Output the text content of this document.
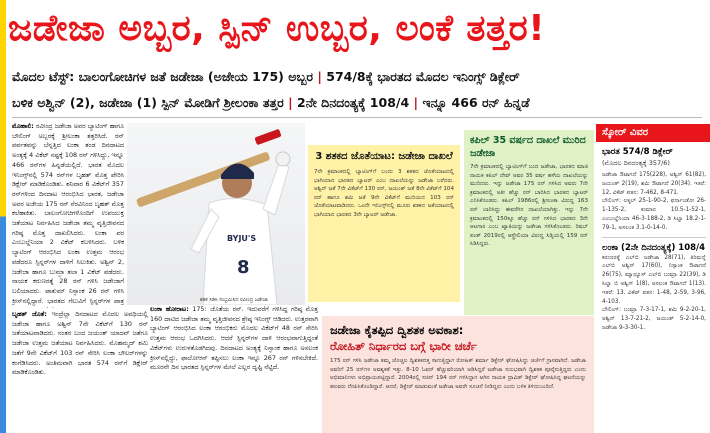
ಜಡೇಜಾ ಅಬ್ಬರ, ಸ್ಪಿನ್ ಉಬ್ಬರ, ಲಂಕೆ ತತ್ತರ!
ಮೊದಲ ಟೆಸ್ಟ್: ಬಾಲಂಗೋಚಿಗಳ ಜತೆ ಜಡೇಜಾ (ಅಜೇಯ 175) ಅಬ್ಬರ | 574/8ಕ್ಕೆ ಭಾರತದ ಮೊದಲ ಇನಿಂಗ್ಸ್ ಡಿಕ್ಲೇರ್
ಬಳಿಕ ಅಶ್ವಿನ್ (2), ಜಡೇಜಾ (1) ಸ್ಪಿನ್ ಮೋಡಿಗೆ ಶ್ರೀಲಂಕಾ ತತ್ತರ | 2ನೇ ದಿನದಂತ್ಯಕ್ಕೆ 108/4 | ಇನ್ನೂ 466 ರನ್ ಹಿನ್ನಡೆ
ಮೊಹಾಲಿ: ರವೀಂದ್ರ ಜಡೇಜಾ ಅವರ ಬ್ಯಾಟಿಂಗ್ ಹಾಗೂ ಬೌಲಿಂಗ್ ಅಬ್ಬರಕ್ಕೆ ಶ್ರೀಲಂಕಾ ತತ್ತರಿಸಿದೆ. ರನ್ ಪರ್ವತವನ್ನು ಬೆನ್ನತ್ತಿದ ಲಂಕಾ ತಂಡ ದಿನದಾಟದ ಅಂತ್ಯಕ್ಕೆ 4 ವಿಕೆಟ್ ನಷ್ಟಕ್ಕೆ 108 ರನ್ ಗಳಿಸಿದ್ದು, ಇನ್ನೂ 466 ರನ್‌ಗಳ ಹಿನ್ನಡೆಯಲ್ಲಿದೆ. ಭಾರತ ಮೊದಲ ಇನಿಂಗ್ಸ್‌ನಲ್ಲಿ 574 ರನ್‌ಗಳ ಬೃಹತ್ ಮೊತ್ತ ಪೇರಿಸಿ ಡಿಕ್ಲೇರ್ ಮಾಡಿಕೊಂಡಿತು. ಶನಿವಾರ 6 ವಿಕೆಟ್‌ಗೆ 357 ರನ್‌ಗಳಿಂದ ದಿನದಾಟ ಆರಂಭಿಸಿದ ಭಾರತ, ಜಡೇಜಾ ಅವರ ಅಜೇಯ 175 ರನ್ ನೆರವಿನಿಂದ ಬೃಹತ್ ಮೊತ್ತ ಕಲೆಹಾಕಿತು. ಬಾಲಂಗೋಚಿಗಳೊಂದಿಗೆ ಉಪಯುಕ್ತ ಜತೆಯಾಟ ನಿರ್ವಹಿಸಿದ ಜಡೇಜಾ ತಮ್ಮ ವೃತ್ತಿಜೀವನದ ಗರಿಷ್ಠ ಮೊತ್ತ ದಾಖಲಿಸಿದರು. ಲಂಕಾ ಪರ ಎಂಬುಲ್ದೆನಿಯಾ 2 ವಿಕೆಟ್ ಕಬಳಿಸಿದರು. ಬಳಿಕ ಬ್ಯಾಟಿಂಗ್ ಆರಂಭಿಸಿದ ಲಂಕಾ ಉತ್ತಮ ಆರಂಭ ಪಡೆದರೂ ಸ್ಪಿನ್ನರ್‌ಗಳ ದಾಳಿಗೆ ಸಿಲುಕಿತು. ಅಶ್ವಿನ್ 2, ಜಡೇಜಾ ಹಾಗೂ ಬುಮ್ರಾ ತಲಾ 1 ವಿಕೆಟ್ ಪಡೆದರು. ನಾಯಕ ಕರುಣರತ್ನೆ 28 ರನ್ ಗಳಿಸಿ ಜಡೇಜಾಗೆ ಬಲಿಯಾದರು. ಪಾತುಮ್ ನಿಸ್ಸಾಂಕ 26 ರನ್ ಗಳಿಸಿ ಕ್ರೀಸ್‌ನಲ್ಲಿದ್ದಾರೆ. ಭಾರತದ ಗೆಲುವಿಗೆ ಸ್ಪಿನ್ನರ್‌ಗಳ ಪಾತ್ರ
ಬೃಹತ್ ಜೊತೆ: ಇಂದ್ರೆಲ್ಲಾ ದಿನದಾಟದ ಮೊದಲ ಅವಧಿಯಲ್ಲಿ ಜಡೇಜಾ ಹಾಗೂ ಅಶ್ವಿನ್ 7ನೇ ವಿಕೆಟ್‌ಗೆ 130 ರನ್ ಜತೆಯಾಟವಾಡಿದರು. ನಂತರ ಬಂದ ಜಯಂತ್ ಯಾದವ್ ಜತೆಗೂ ಜಡೇಜಾ ಉತ್ತಮ ಜತೆಯಾಟ ನಿರ್ವಹಿಸಿದರು. ಮೊಹಮ್ಮದ್ ಶಮಿ ಜತೆಗೆ 9ನೇ ವಿಕೆಟ್‌ಗೆ 103 ರನ್ ಸೇರಿಸಿ ಲಂಕಾ ಬೌಲರ್‌ಗಳನ್ನು ಕಂಗೆಡಿಸಿದರು. ಅಂತಿಮವಾಗಿ ಭಾರತ 574 ರನ್‌ಗೆ ಡಿಕ್ಲೇರ್ ಮಾಡಿಕೊಂಡಿತು.
BYJU'S
8
ಶತಕ ಸಿಡಿಸಿ ಸಂಭ್ರಮಿಸಿದ ರವೀಂದ್ರ ಜಡೇಜಾ
3 ಶತಕದ ಜೊತೆಯಾಟ: ಜಡೇಜಾ ದಾಖಲೆ
7ನೇ ಕ್ರಮಾಂಕದಲ್ಲಿ ಬ್ಯಾಟಿಂಗ್‌ಗೆ ಬಂದು 3 ಶತಕದ ಜೊತೆಯಾಟದಲ್ಲಿ ಭಾಗಿಯಾದ ಭಾರತದ ಬ್ಯಾಟರ್ ಎಂಬ ದಾಖಲೆಯನ್ನು ಜಡೇಜಾ ಬರೆದರು. ಅಶ್ವಿನ್ ಜತೆ 7ನೇ ವಿಕೆಟ್‌ಗೆ 130 ರನ್, ಜಯಂತ್ ಜತೆ 8ನೇ ವಿಕೆಟ್‌ಗೆ 104 ರನ್ ಹಾಗೂ ಶಮಿ ಜತೆ 9ನೇ ವಿಕೆಟ್‌ಗೆ ಮುರಿಯದ 103 ರನ್ ಜೊತೆಯಾಟವಾಡಿದರು. ಒಂದೇ ಇನಿಂಗ್ಸ್‌ನಲ್ಲಿ ಮೂರು ಶತಕದ ಜತೆಯಾಟದಲ್ಲಿ ಭಾಗಿಯಾದ ಭಾರತದ 3ನೇ ಬ್ಯಾಟರ್ ಜಡೇಜಾ.
ಕಪಿಲ್ 35 ವರ್ಷದ ದಾಖಲೆ ಮುರಿದ ಜಡೇಜಾ
7ನೇ ಕ್ರಮಾಂಕದಲ್ಲಿ ಬ್ಯಾಟಿಂಗ್‌ಗೆ ಬಂದ ಜಡೇಜಾ, ಭಾರತದ ಮಾಜಿ ನಾಯಕ ಕಪಿಲ್ ದೇವ್ ಅವರ 35 ವರ್ಷ ಹಳೆಯ ದಾಖಲೆಯನ್ನು ಮುರಿದರು. ಇನ್ನು ಜಡೇಜಾ 175 ರನ್ ಗಳಿಸಿದ ಅವರು 7ನೇ ಕ್ರಮಾಂಕದಲ್ಲಿ ಅತೀ ಹೆಚ್ಚು ರನ್ ಬಾರಿಸಿದ ಭಾರತದ ಬ್ಯಾಟರ್ ಎನಿಸಿಕೊಂಡರು. ಕಪಿಲ್ 1986ರಲ್ಲಿ ಶ್ರೀಲಂಕಾ ವಿರುದ್ಧ 163 ರನ್ ಬಾರಿಸಿದ್ದು ಈವರೆಗಿನ ದಾಖಲೆಯಾಗಿತ್ತು. ಇನ್ನು 7ನೇ ಕ್ರಮಾಂಕದಲ್ಲಿ 150ಕ್ಕೂ ಹೆಚ್ಚು ರನ್ ಗಳಿಸಿದ ಭಾರತದ 3ನೇ ಆಟಗಾರ ಎಂಬ ಖ್ಯಾತಿಯನ್ನು ಜಡೇಜಾ ಗಳಿಸಿಕೊಂಡರು. ರಿಷಬ್ ಪಂತ್ 2019ರಲ್ಲಿ ಆಸ್ಟ್ರೇಲಿಯಾ ವಿರುದ್ಧ ಸಿಡ್ನಿಯಲ್ಲಿ 159 ರನ್ ಸಿಡಿಸಿದ್ದರು.
ಸ್ಕೋರ್ ವಿವರ
ಭಾರತ 574/8 ಡಿಕ್ಲೇರ್
(ಮೊದಲ ದಿನದಂತ್ಯಕ್ಕೆ 357/6)
ಜಡೇಜಾ ಔಟಾಗದೆ 175(228), ಅಶ್ವಿನ್ 61(82), ಜಯಂತ್ 2(19), ಶಮಿ ಔಟಾಗದೆ 20(34). ಇತರೆ: 12, ವಿಕೆಟ್ ಪತನ: 7-462, 8-471.
ಬೌಲಿಂಗ್: ಲಕ್ಮಲ್ 25-1-90-2, ಫರ್ನಾಂಡೋ 26-1-135-2, ಕುಮಾರ 10.5-1-52-1, ಎಂಬುಲ್ದೆನಿಯಾ 46-3-188-2, ಡಿ ಸಿಲ್ವಾ 18.2-1-79-1, ಅಸಲಂಕ 3.1-0-14-0.
ಲಂಕಾ (2ನೇ ದಿನದಂತ್ಯಕ್ಕೆ) 108/4
ಕರುಣರತ್ನೆ ಎಲ್‌ಬಿ ಜಡೇಜಾ 28(71), ತಿರಿಮನ್ನೆ ಎಲ್‌ಬಿ ಅಶ್ವಿನ್ 17(60), ನಿಸ್ಸಾಂಕ ಔಟಾಗದೆ 26(75), ಮ್ಯಾಥ್ಯೂಸ್ ಎಲ್‌ಬಿ ಬುಮ್ರಾ 22(39), ಡಿ ಸಿಲ್ವಾ ಬಿ ಅಶ್ವಿನ್ 1(8), ಅಸಲಂಕ ಔಟಾಗದೆ 1(13). ಇತರೆ: 13. ವಿಕೆಟ್ ಪತನ: 1-48, 2-59, 3-96, 4-103.
ಬೌಲಿಂಗ್: ಬುಮ್ರಾ 7-3-17-1, ಶಮಿ 9-2-20-1, ಅಶ್ವಿನ್ 13-7-21-2, ಜಯಂತ್ 5-2-14-0, ಜಡೇಜಾ 9-3-30-1.
ಲಂಕಾ ಹೋರಾಟ: 175: ಜೊತೆಯ ರನ್. ಇದುವರೆಗೆ ಗಳಿಸಿದ್ದ ಗರಿಷ್ಠ ಮೊತ್ತ 160 ದಾಟಿದ ಜಡೇಜಾ ತಮ್ಮ ವೃತ್ತಿಜೀವನದ ಶ್ರೇಷ್ಠ ಇನಿಂಗ್ಸ್ ಆಡಿದರು. ಉತ್ತರವಾಗಿ ಬ್ಯಾಟಿಂಗ್ ಆರಂಭಿಸಿದ ಲಂಕಾ ಆರಂಭಿಕರು ಮೊದಲ ವಿಕೆಟ್‌ಗೆ 48 ರನ್ ಸೇರಿಸಿ ಉತ್ತಮ ಆರಂಭ ಒದಗಿಸಿದರು. ಆದರೆ ಸ್ಪಿನ್ನರ್‌ಗಳ ದಾಳಿ ಆರಂಭವಾಗುತ್ತಿದ್ದಂತೆ ವಿಕೆಟ್‌ಗಳು ಉರುಳತೊಡಗಿದವು. ದಿನದಾಟದ ಅಂತ್ಯಕ್ಕೆ ನಿಸ್ಸಾಂಕ ಹಾಗೂ ಅಸಲಂಕ ಕ್ರೀಸ್‌ನಲ್ಲಿದ್ದು, ಫಾಲೋಆನ್ ತಪ್ಪಿಸಲು ಲಂಕಾ ಇನ್ನೂ 267 ರನ್ ಗಳಿಸಬೇಕಿದೆ. ಮೂರನೇ ದಿನ ಭಾರತದ ಸ್ಪಿನ್ನರ್‌ಗಳ ಮೇಲೆ ಎಲ್ಲರ ದೃಷ್ಟಿ ನೆಟ್ಟಿದೆ.
ಜಡೇಜಾ ಕೈತಪ್ಪಿದ ದ್ವಿಶತಕ ಅವಕಾಶ:
ರೋಹಿತ್ ನಿರ್ಧಾರದ ಬಗ್ಗೆ ಭಾರೀ ಚರ್ಚೆ
175 ರನ್ ಗಳಿಸಿ ಜಡೇಜಾ ತಮ್ಮ ಚೊಚ್ಚಲ ದ್ವಿಶತಕದತ್ತ ಸಾಗುತ್ತಿದ್ದಾಗ ರೋಹಿತ್ ಶರ್ಮಾ ಡಿಕ್ಲೇರ್ ಘೋಷಿಸಿದ್ದು ಚರ್ಚೆಗೆ ಗ್ರಾಸವಾಗಿದೆ. ಜಡೇಜಾ ಅವರಿಗೆ 25 ರನ್‌ಗಳ ಅವಶ್ಯಕತೆ ಇತ್ತು. 8-10 ಓವರ್ ಹೆಚ್ಚುವರಿಯಾಗಿ ಆಡಿಸಿದ್ದರೆ ಜಡೇಜಾ ಸುಲಭವಾಗಿ ದ್ವಿಶತಕ ಪೂರೈಸುತ್ತಿದ್ದರು ಎಂದು ಅಭಿಮಾನಿಗಳು ಅಭಿಪ್ರಾಯಪಟ್ಟಿದ್ದಾರೆ. 2004ರಲ್ಲಿ ಸಚಿನ್ 194 ರನ್ ಗಳಿಸಿದ್ದಾಗ ಆಗಿನ ನಾಯಕ ದ್ರಾವಿಡ್ ಡಿಕ್ಲೇರ್ ಘೋಷಿಸಿದ್ದ ಘಟನೆಯನ್ನು ಹಲವರು ನೆನಪಿಸಿಕೊಂಡಿದ್ದಾರೆ. ಆದರೆ, ಡಿಕ್ಲೇರ್ ಮಾಡುವಂತೆ ಜಡೇಜಾ ಅವರೇ ಸೂಚನೆ ನೀಡಿದ್ದರು ಎಂದು ಬಳಿಕ ತಿಳಿದುಬಂದಿದೆ.
